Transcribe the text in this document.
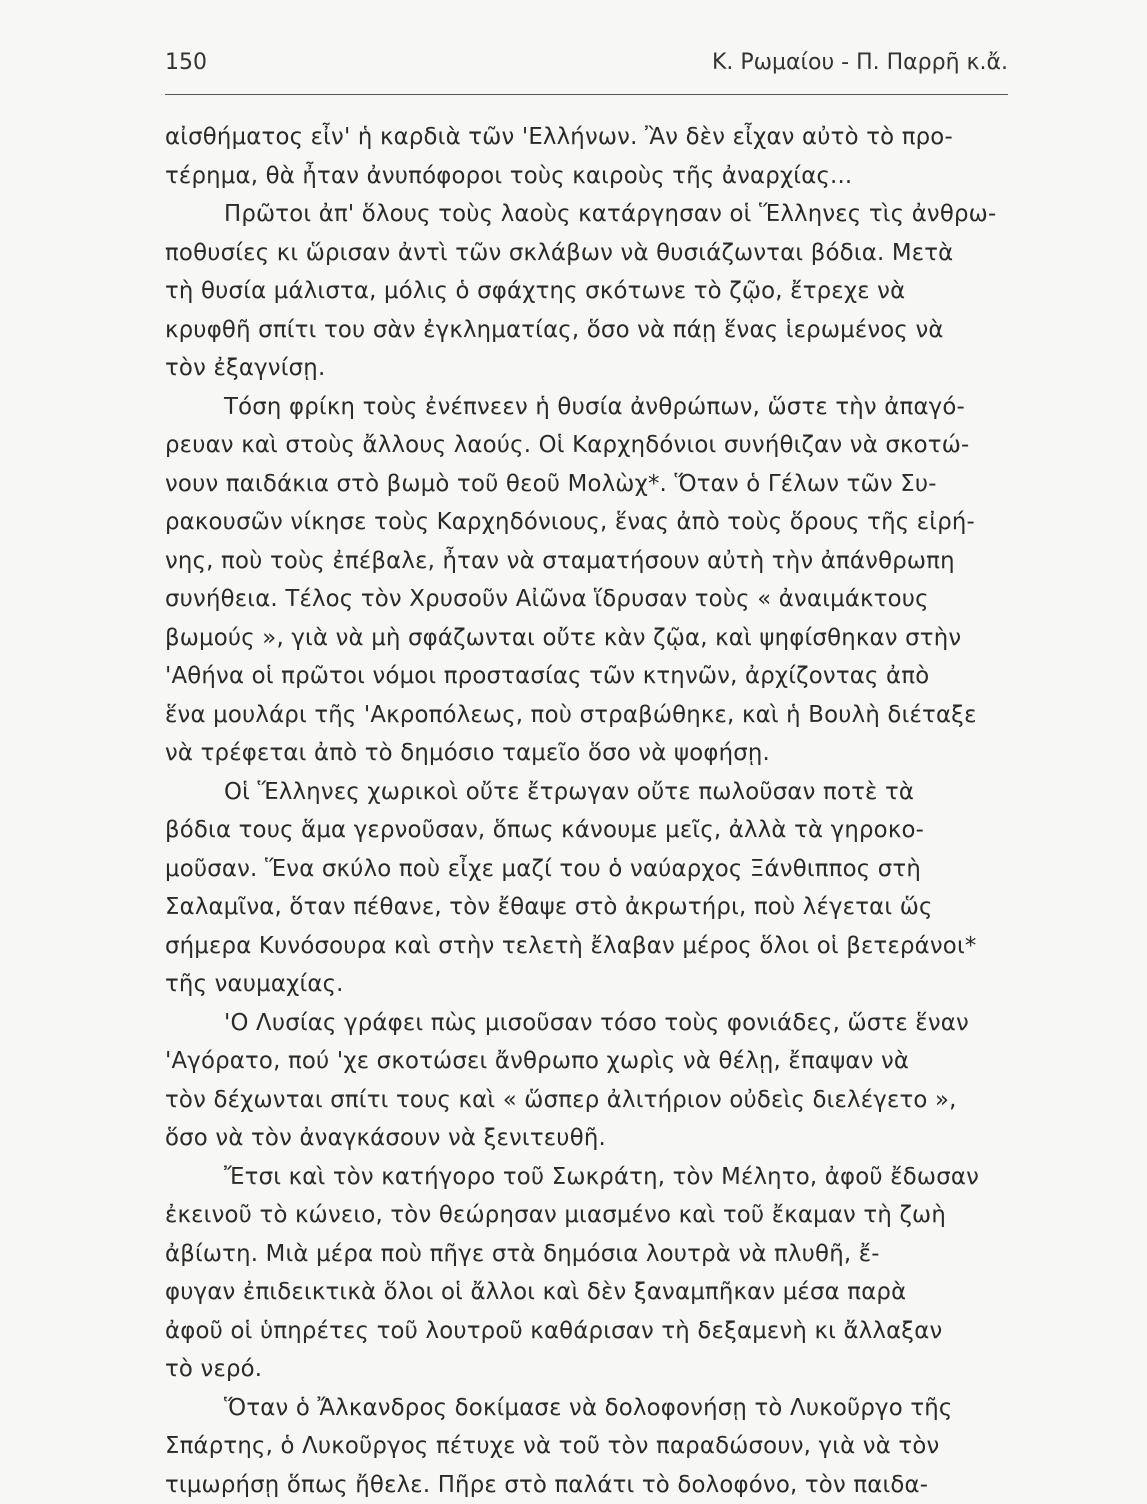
150	Κ. Ρωμαίου - Π. Παρρῆ κ.ἄ.
αἰσθήματος εἶν' ἡ καρδιὰ τῶν 'Ελλήνων. Ἂν δὲν εἶχαν αὐτὸ τὸ προ-
τέρημα, θὰ ἦταν ἀνυπόφοροι τοὺς καιροὺς τῆς ἀναρχίας...
Πρῶτοι ἀπ' ὅλους τοὺς λαοὺς κατάργησαν οἱ Ἕλληνες τὶς ἀνθρω-
ποθυσίες κι ὥρισαν ἀντὶ τῶν σκλάβων νὰ θυσιάζωνται βόδια. Μετὰ
τὴ θυσία μάλιστα, μόλις ὁ σφάχτης σκότωνε τὸ ζῷο, ἔτρεχε νὰ
κρυφθῆ σπίτι του σὰν ἐγκληματίας, ὅσο νὰ πάῃ ἕνας ἱερωμένος νὰ
τὸν ἐξαγνίσῃ.
Τόση φρίκη τοὺς ἐνέπνεεν ἡ θυσία ἀνθρώπων, ὥστε τὴν ἀπαγό-
ρευαν καὶ στοὺς ἄλλους λαούς. Οἱ Καρχηδόνιοι συνήθιζαν νὰ σκοτώ-
νουν παιδάκια στὸ βωμὸ τοῦ θεοῦ Μολὼχ*. Ὅταν ὁ Γέλων τῶν Συ-
ρακουσῶν νίκησε τοὺς Καρχηδόνιους, ἕνας ἀπὸ τοὺς ὅρους τῆς εἰρή-
νης, ποὺ τοὺς ἐπέβαλε, ἦταν νὰ σταματήσουν αὐτὴ τὴν ἀπάνθρωπη
συνήθεια. Τέλος τὸν Χρυσοῦν Αἰῶνα ἵδρυσαν τοὺς « ἀναιμάκτους
βωμούς », γιὰ νὰ μὴ σφάζωνται οὔτε κὰν ζῷα, καὶ ψηφίσθηκαν στὴν
'Αθήνα οἱ πρῶτοι νόμοι προστασίας τῶν κτηνῶν, ἀρχίζοντας ἀπὸ
ἕνα μουλάρι τῆς 'Ακροπόλεως, ποὺ στραβώθηκε, καὶ ἡ Βουλὴ διέταξε
νὰ τρέφεται ἀπὸ τὸ δημόσιο ταμεῖο ὅσο νὰ ψοφήσῃ.
Οἱ Ἕλληνες χωρικοὶ οὔτε ἔτρωγαν οὔτε πωλοῦσαν ποτὲ τὰ
βόδια τους ἅμα γερνοῦσαν, ὅπως κάνουμε μεῖς, ἀλλὰ τὰ γηροκο-
μοῦσαν. Ἕνα σκύλο ποὺ εἶχε μαζί του ὁ ναύαρχος Ξάνθιππος στὴ
Σαλαμῖνα, ὅταν πέθανε, τὸν ἔθαψε στὸ ἀκρωτήρι, ποὺ λέγεται ὥς
σήμερα Κυνόσουρα καὶ στὴν τελετὴ ἔλαβαν μέρος ὅλοι οἱ βετεράνοι*
τῆς ναυμαχίας.
'Ο Λυσίας γράφει πὼς μισοῦσαν τόσο τοὺς φονιάδες, ὥστε ἕναν
'Αγόρατο, πού 'χε σκοτώσει ἄνθρωπο χωρὶς νὰ θέλῃ, ἔπαψαν νὰ
τὸν δέχωνται σπίτι τους καὶ « ὥσπερ ἀλιτήριον οὐδεὶς διελέγετο »,
ὅσο νὰ τὸν ἀναγκάσουν νὰ ξενιτευθῆ.
Ἔτσι καὶ τὸν κατήγορο τοῦ Σωκράτη, τὸν Μέλητο, ἀφοῦ ἔδωσαν
ἐκεινοῦ τὸ κώνειο, τὸν θεώρησαν μιασμένο καὶ τοῦ ἔκαμαν τὴ ζωὴ
ἀβίωτη. Μιὰ μέρα ποὺ πῆγε στὰ δημόσια λουτρὰ νὰ πλυθῆ, ἔ-
φυγαν ἐπιδεικτικὰ ὅλοι οἱ ἄλλοι καὶ δὲν ξαναμπῆκαν μέσα παρὰ
ἀφοῦ οἱ ὑπηρέτες τοῦ λουτροῦ καθάρισαν τὴ δεξαμενὴ κι ἄλλαξαν
τὸ νερό.
Ὅταν ὁ Ἄλκανδρος δοκίμασε νὰ δολοφονήσῃ τὸ Λυκοῦργο τῆς
Σπάρτης, ὁ Λυκοῦργος πέτυχε νὰ τοῦ τὸν παραδώσουν, γιὰ νὰ τὸν
τιμωρήσῃ ὅπως ἤθελε. Πῆρε στὸ παλάτι τὸ δολοφόνο, τὸν παιδα-
